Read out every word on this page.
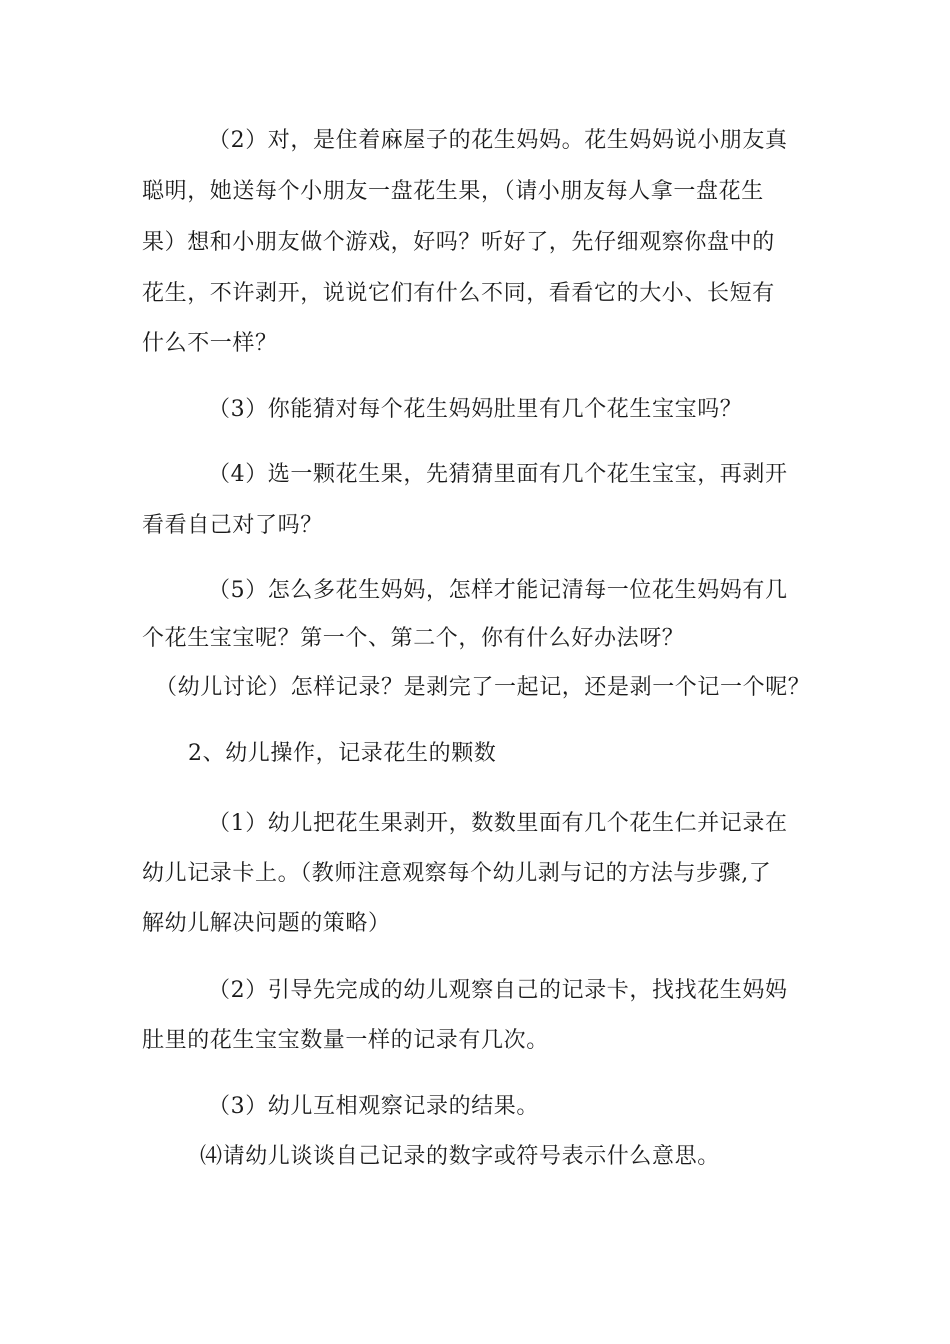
（2）对，是住着麻屋子的花生妈妈。花生妈妈说小朋友真
聪明，她送每个小朋友一盘花生果，（请小朋友每人拿一盘花生
果）想和小朋友做个游戏，好吗？听好了，先仔细观察你盘中的
花生，不许剥开，说说它们有什么不同，看看它的大小、长短有
什么不一样？
（3）你能猜对每个花生妈妈肚里有几个花生宝宝吗？
（4）选一颗花生果，先猜猜里面有几个花生宝宝，再剥开
看看自己对了吗？
（5）怎么多花生妈妈，怎样才能记清每一位花生妈妈有几
个花生宝宝呢？第一个、第二个，你有什么好办法呀？
（幼儿讨论）怎样记录？是剥完了一起记，还是剥一个记一个呢？
2、幼儿操作，记录花生的颗数
（1）幼儿把花生果剥开，数数里面有几个花生仁并记录在
幼儿记录卡上。（教师注意观察每个幼儿剥与记的方法与步骤,了
解幼儿解决问题的策略）
（2）引导先完成的幼儿观察自己的记录卡，找找花生妈妈
肚里的花生宝宝数量一样的记录有几次。
（3）幼儿互相观察记录的结果。
⑷请幼儿谈谈自己记录的数字或符号表示什么意思。
